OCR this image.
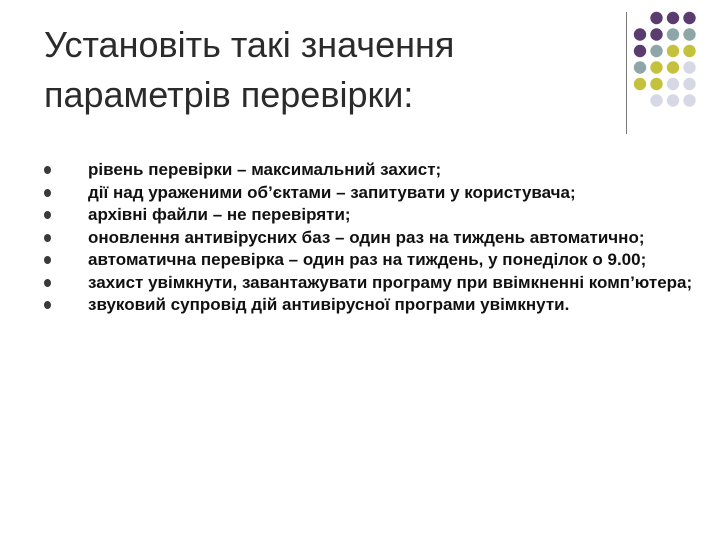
Установіть такі значення
параметрів перевірки:
рівень перевірки – максимальний захист;
дії над ураженими об’єктами – запитувати у користувача;
архівні файли – не перевіряти;
оновлення антивірусних баз – один раз на тиждень автоматично;
автоматична перевірка – один раз на тиждень, у понеділок о 9.00;
захист увімкнути, завантажувати програму при ввімкненні комп’ютера;
звуковий супровід дій антивірусної програми увімкнути.
